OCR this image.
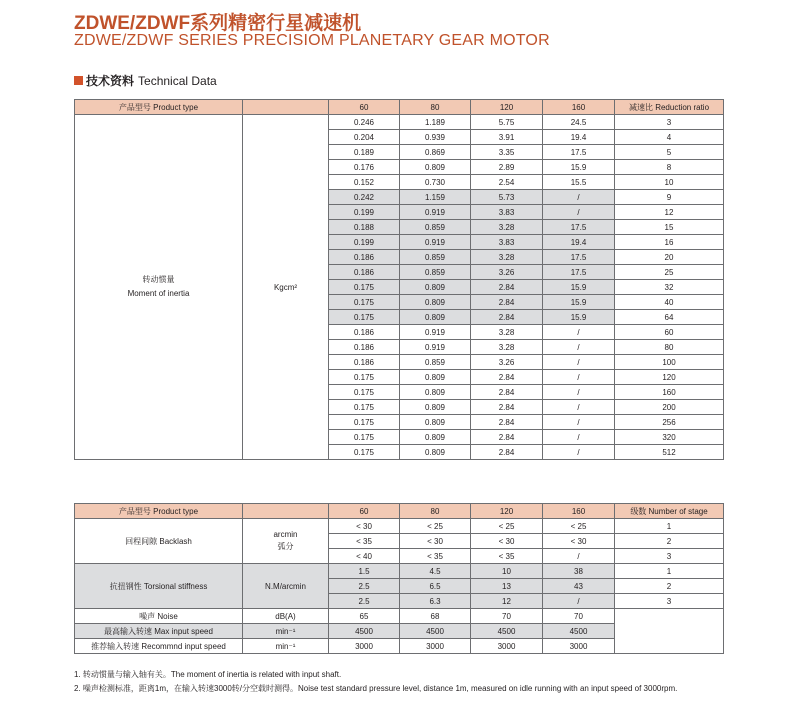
ZDWE/ZDWF系列精密行星减速机
ZDWE/ZDWF SERIES PRECISIOM PLANETARY GEAR MOTOR
技术资料 Technical Data
产品型号 Product type		60	80	120	160	减速比 Reduction ratio

转动惯量
Moment of inertia	Kgcm²	0.246	1.189	5.75	24.5	3
		0.204	0.939	3.91	19.4	4
		0.189	0.869	3.35	17.5	5
		0.176	0.809	2.89	15.9	8
		0.152	0.730	2.54	15.5	10
		0.242	1.159	5.73	/	9
		0.199	0.919	3.83	/	12
		0.188	0.859	3.28	17.5	15
		0.199	0.919	3.83	19.4	16
		0.186	0.859	3.28	17.5	20
		0.186	0.859	3.26	17.5	25
		0.175	0.809	2.84	15.9	32
		0.175	0.809	2.84	15.9	40
		0.175	0.809	2.84	15.9	64
		0.186	0.919	3.28	/	60
		0.186	0.919	3.28	/	80
		0.186	0.859	3.26	/	100
		0.175	0.809	2.84	/	120
		0.175	0.809	2.84	/	160
		0.175	0.809	2.84	/	200
		0.175	0.809	2.84	/	256
		0.175	0.809	2.84	/	320
		0.175	0.809	2.84	/	512
产品型号 Product type		60	80	120	160	级数 Number of stage
回程间隙 Backlash	arcmin
弧分	< 30	< 25	< 25	< 25	1
		< 35	< 30	< 30	< 30	2
		< 40	< 35	< 35	/	3
抗扭钢性 Torsional stiffness	N.M/arcmin	1.5	4.5	10	38	1
		2.5	6.5	13	43	2
		2.5	6.3	12	/	3
噪声 Noise	dB(A)	65	68	70	70	
最高输入转速 Max input speed	min⁻¹	4500	4500	4500	4500	
推荐输入转速 Recommnd input speed	min⁻¹	3000	3000	3000	3000	
1. 转动惯量与输入轴有关。The moment of inertia is related with input shaft.
2. 噪声检测标准，距离1m，在输入转速3000转/分空载时测得。Noise test standard pressure level, distance 1m, measured on idle running with an input speed of 3000rpm.
